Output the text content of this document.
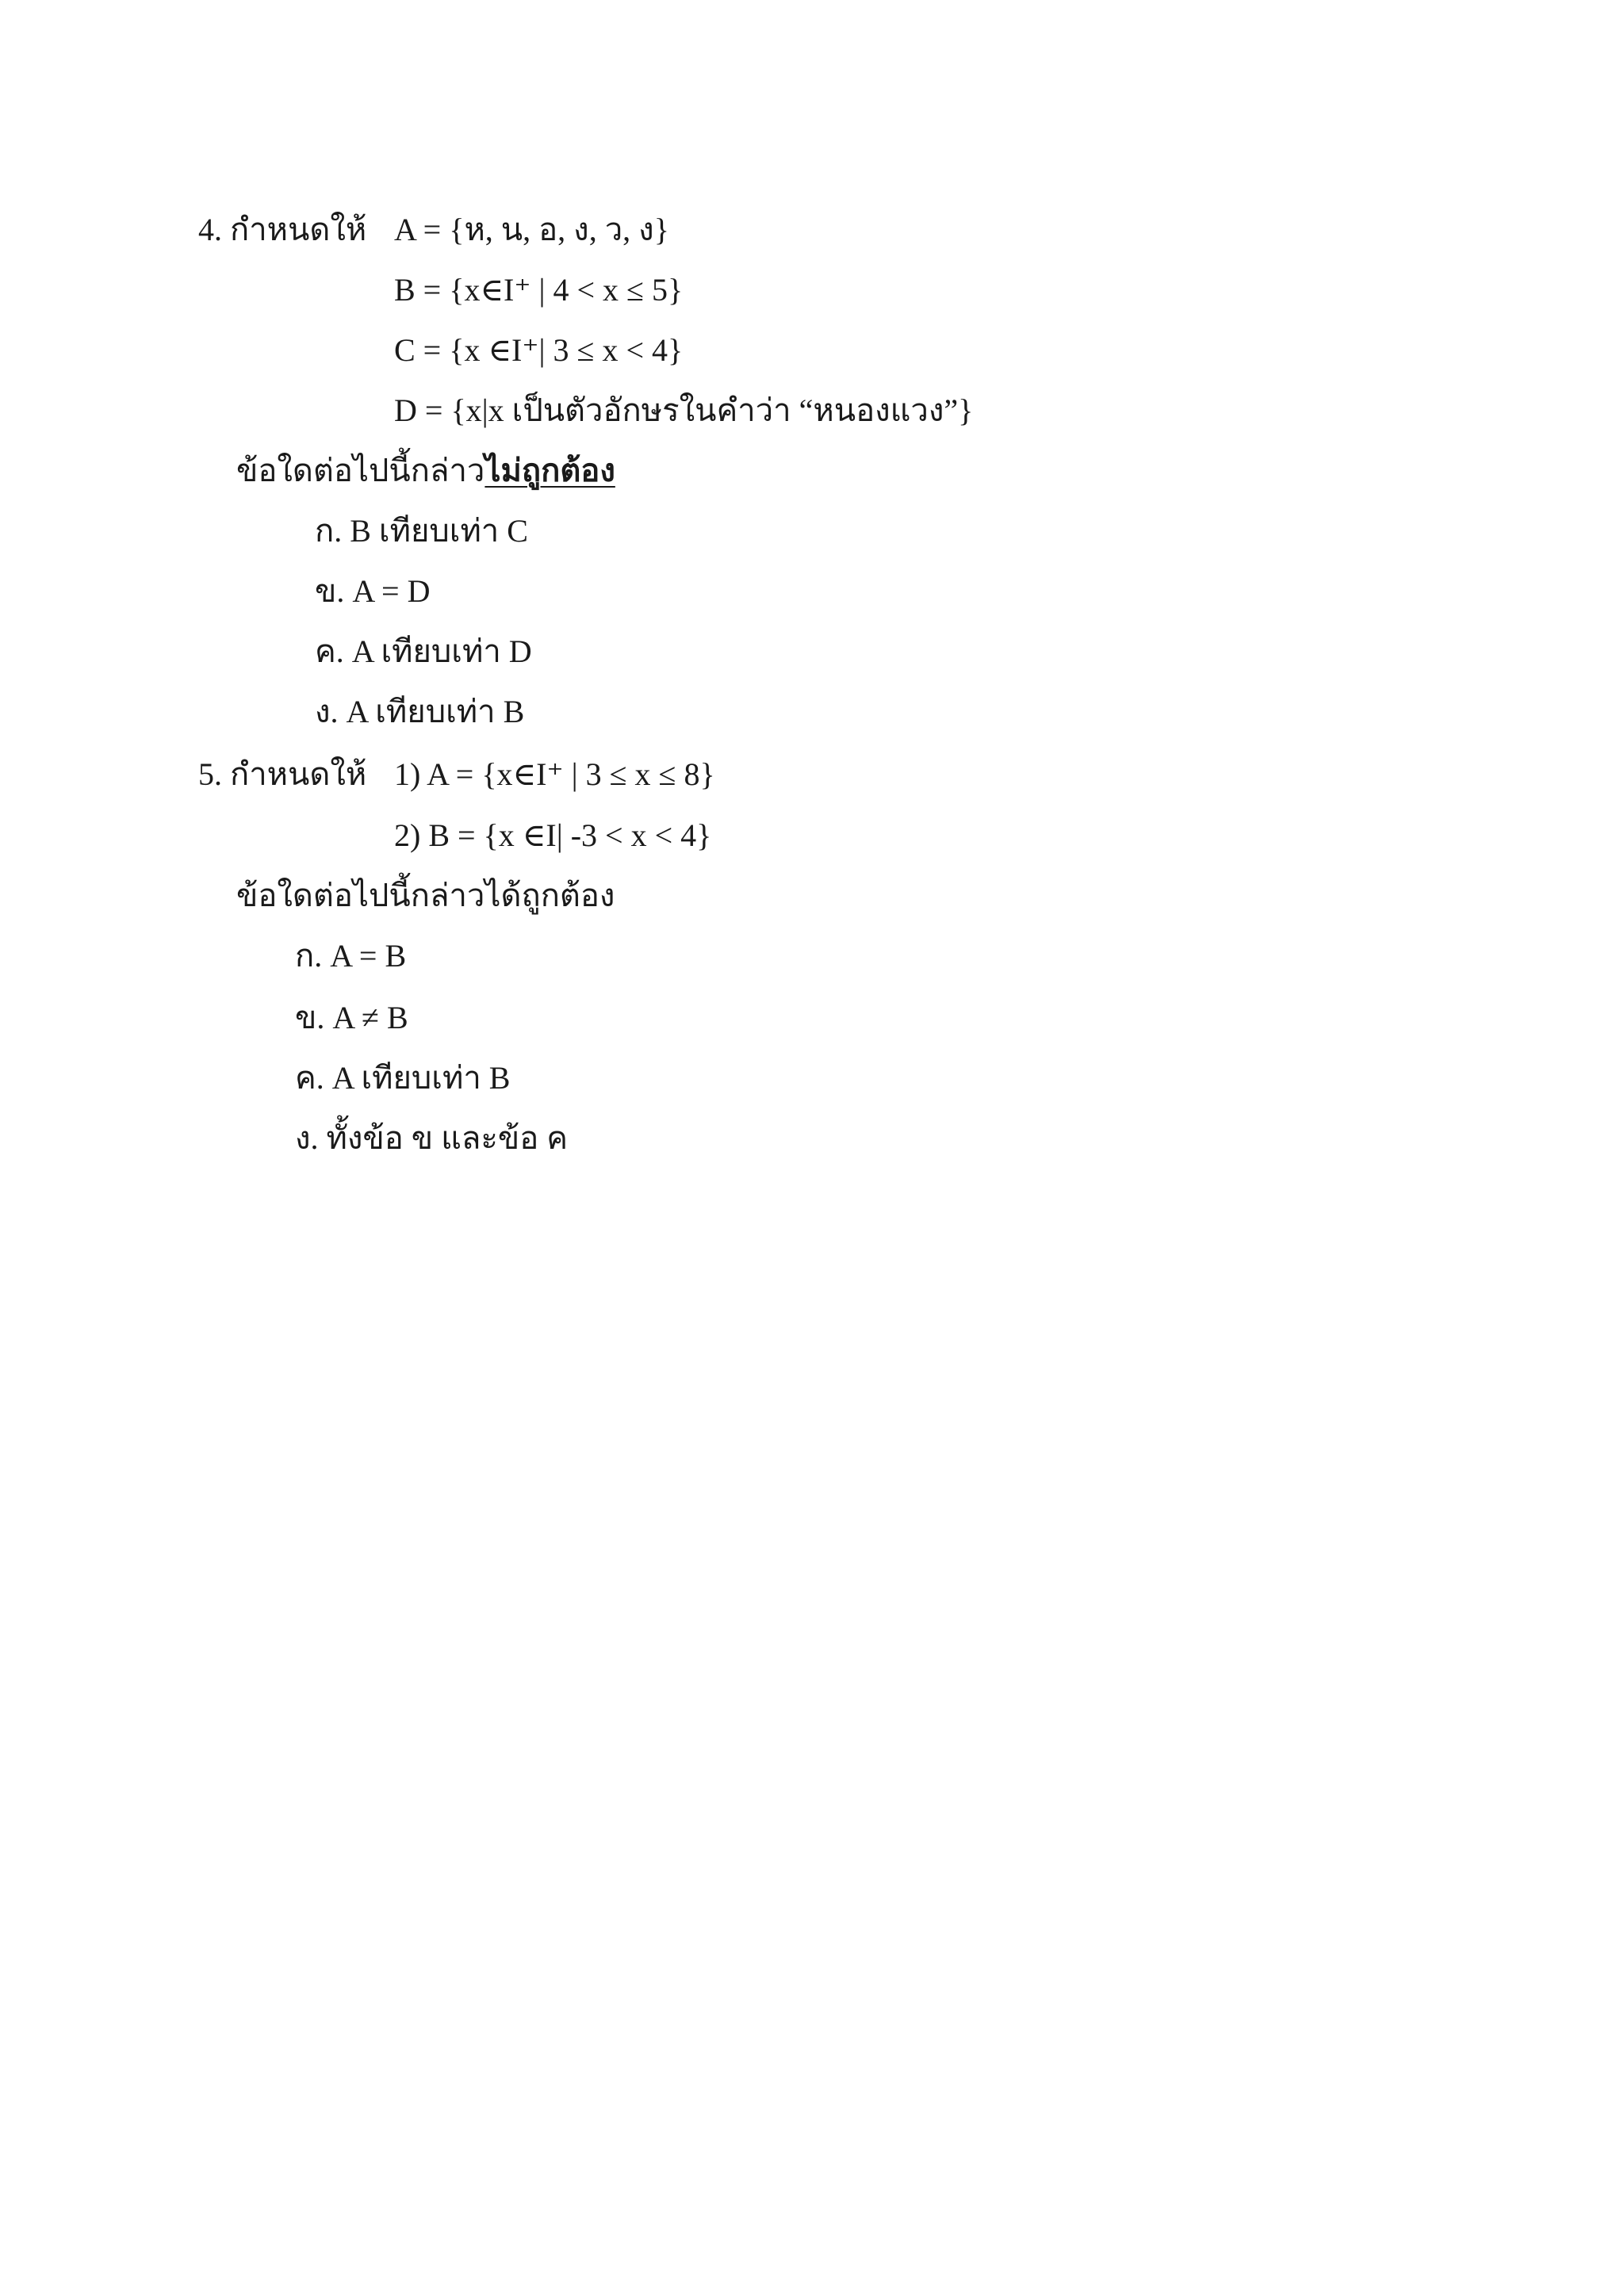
4. กำหนดให้ A = {ห, น, อ, ง, ว, ง}
B = {x∈I⁺ | 4 < x ≤ 5}
C = {x ∈I⁺| 3 ≤ x < 4}
D = {x|x เป็นตัวอักษรในคำว่า “หนองแวง”}
ข้อใดต่อไปนี้กล่าวไม่ถูกต้อง
ก. B เทียบเท่า C
ข. A = D
ค. A เทียบเท่า D
ง. A เทียบเท่า B
5. กำหนดให้ 1) A = {x∈I⁺ | 3 ≤ x ≤ 8}
2) B = {x ∈I| -3 < x < 4}
ข้อใดต่อไปนี้กล่าวได้ถูกต้อง
ก. A = B
ข. A ≠ B
ค. A เทียบเท่า B
ง. ทั้งข้อ ข และข้อ ค
